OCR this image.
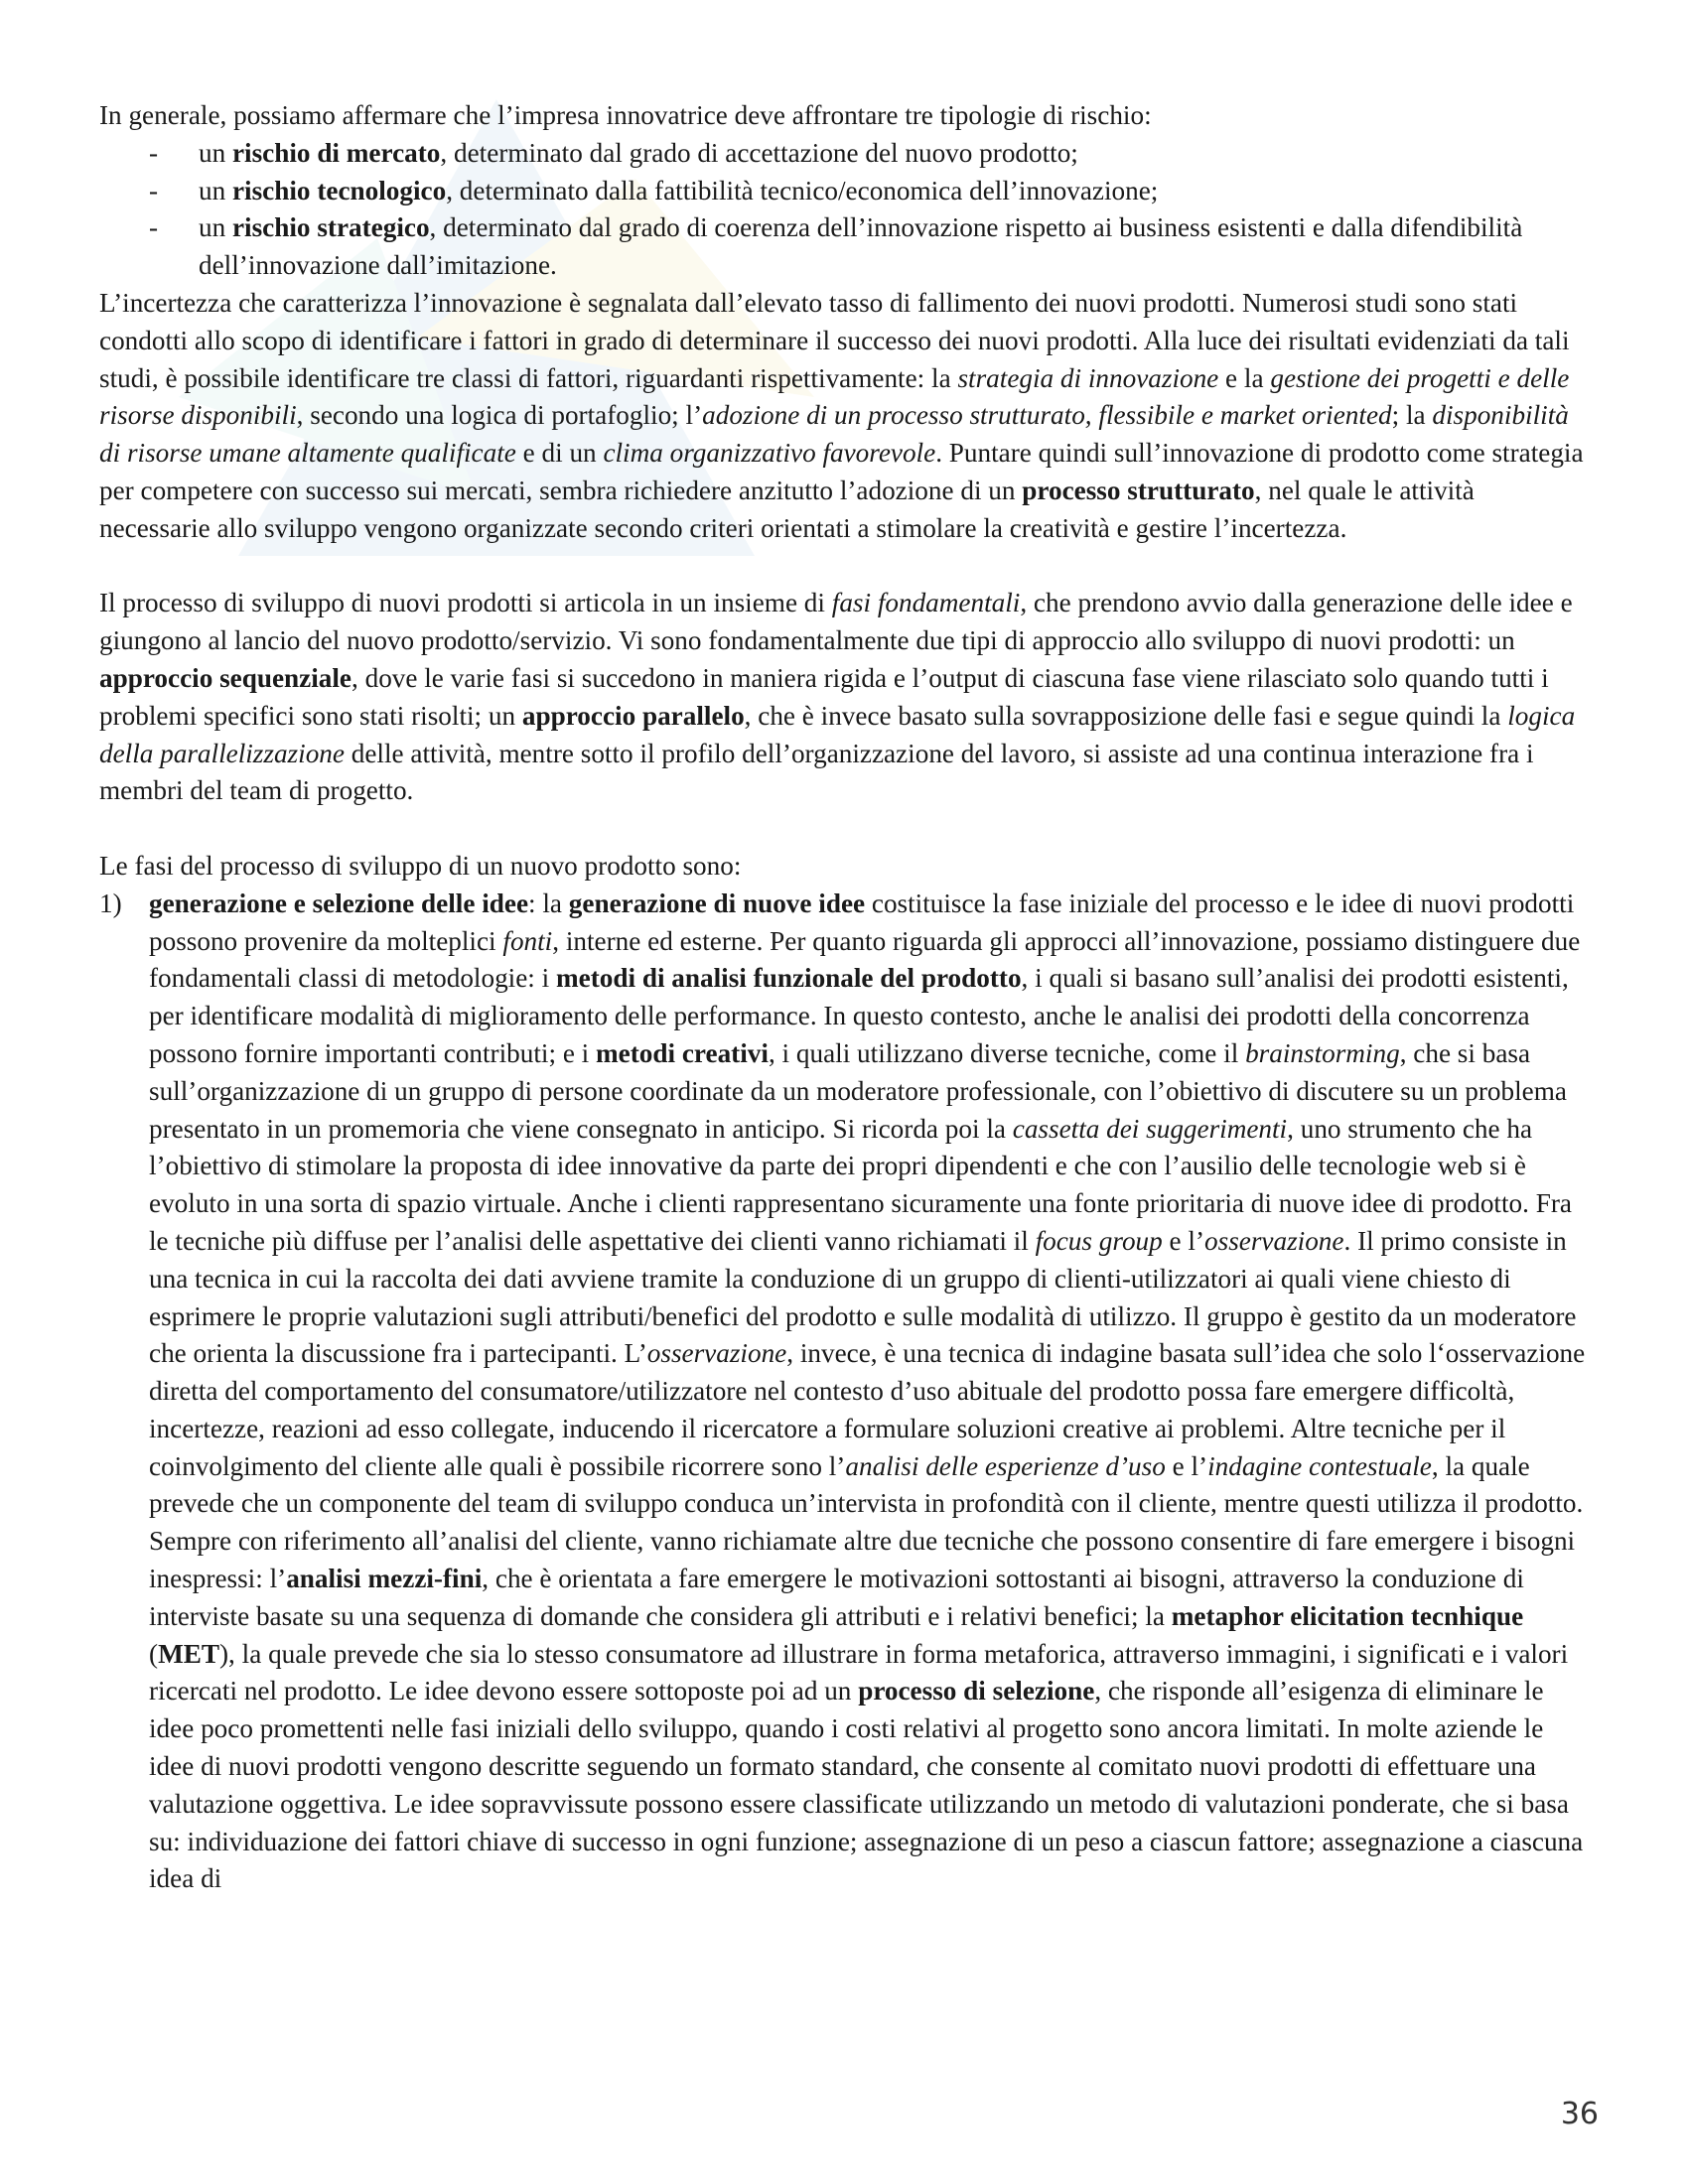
In generale, possiamo affermare che l’impresa innovatrice deve affrontare tre tipologie di rischio:

- un rischio di mercato, determinato dal grado di accettazione del nuovo prodotto;
- un rischio tecnologico, determinato dalla fattibilità tecnico/economica dell’innovazione;
- un rischio strategico, determinato dal grado di coerenza dell’innovazione rispetto ai business esistenti e dalla difendibilità dell’innovazione dall’imitazione.

L’incertezza che caratterizza l’innovazione è segnalata dall’elevato tasso di fallimento dei nuovi prodotti. Numerosi studi sono stati condotti allo scopo di identificare i fattori in grado di determinare il successo dei nuovi prodotti. Alla luce dei risultati evidenziati da tali studi, è possibile identificare tre classi di fattori, riguardanti rispettivamente: la strategia di innovazione e la gestione dei progetti e delle risorse disponibili, secondo una logica di portafoglio; l’adozione di un processo strutturato, flessibile e market oriented; la disponibilità di risorse umane altamente qualificate e di un clima organizzativo favorevole. Puntare quindi sull’innovazione di prodotto come strategia per competere con successo sui mercati, sembra richiedere anzitutto l’adozione di un processo strutturato, nel quale le attività necessarie allo sviluppo vengono organizzate secondo criteri orientati a stimolare la creatività e gestire l’incertezza.

Il processo di sviluppo di nuovi prodotti si articola in un insieme di fasi fondamentali, che prendono avvio dalla generazione delle idee e giungono al lancio del nuovo prodotto/servizio. Vi sono fondamentalmente due tipi di approccio allo sviluppo di nuovi prodotti: un approccio sequenziale, dove le varie fasi si succedono in maniera rigida e l’output di ciascuna fase viene rilasciato solo quando tutti i problemi specifici sono stati risolti; un approccio parallelo, che è invece basato sulla sovrapposizione delle fasi e segue quindi la logica della parallelizzazione delle attività, mentre sotto il profilo dell’organizzazione del lavoro, si assiste ad una continua interazione fra i membri del team di progetto.

Le fasi del processo di sviluppo di un nuovo prodotto sono:

1) generazione e selezione delle idee: la generazione di nuove idee costituisce la fase iniziale del processo e le idee di nuovi prodotti possono provenire da molteplici fonti, interne ed esterne. Per quanto riguarda gli approcci all’innovazione, possiamo distinguere due fondamentali classi di metodologie: i metodi di analisi funzionale del prodotto, i quali si basano sull’analisi dei prodotti esistenti, per identificare modalità di miglioramento delle performance. In questo contesto, anche le analisi dei prodotti della concorrenza possono fornire importanti contributi; e i metodi creativi, i quali utilizzano diverse tecniche, come il brainstorming, che si basa sull’organizzazione di un gruppo di persone coordinate da un moderatore professionale, con l’obiettivo di discutere su un problema presentato in un promemoria che viene consegnato in anticipo. Si ricorda poi la cassetta dei suggerimenti, uno strumento che ha l’obiettivo di stimolare la proposta di idee innovative da parte dei propri dipendenti e che con l’ausilio delle tecnologie web si è evoluto in una sorta di spazio virtuale. Anche i clienti rappresentano sicuramente una fonte prioritaria di nuove idee di prodotto. Fra le tecniche più diffuse per l’analisi delle aspettative dei clienti vanno richiamati il focus group e l’osservazione. Il primo consiste in una tecnica in cui la raccolta dei dati avviene tramite la conduzione di un gruppo di clienti-utilizzatori ai quali viene chiesto di esprimere le proprie valutazioni sugli attributi/benefici del prodotto e sulle modalità di utilizzo. Il gruppo è gestito da un moderatore che orienta la discussione fra i partecipanti. L’osservazione, invece, è una tecnica di indagine basata sull’idea che solo l‘osservazione diretta del comportamento del consumatore/utilizzatore nel contesto d’uso abituale del prodotto possa fare emergere difficoltà, incertezze, reazioni ad esso collegate, inducendo il ricercatore a formulare soluzioni creative ai problemi. Altre tecniche per il coinvolgimento del cliente alle quali è possibile ricorrere sono l’analisi delle esperienze d’uso e l’indagine contestuale, la quale prevede che un componente del team di sviluppo conduca un’intervista in profondità con il cliente, mentre questi utilizza il prodotto. Sempre con riferimento all’analisi del cliente, vanno richiamate altre due tecniche che possono consentire di fare emergere i bisogni inespressi: l’analisi mezzi-fini, che è orientata a fare emergere le motivazioni sottostanti ai bisogni, attraverso la conduzione di interviste basate su una sequenza di domande che considera gli attributi e i relativi benefici; la metaphor elicitation tecnhique (MET), la quale prevede che sia lo stesso consumatore ad illustrare in forma metaforica, attraverso immagini, i significati e i valori ricercati nel prodotto. Le idee devono essere sottoposte poi ad un processo di selezione, che risponde all’esigenza di eliminare le idee poco promettenti nelle fasi iniziali dello sviluppo, quando i costi relativi al progetto sono ancora limitati. In molte aziende le idee di nuovi prodotti vengono descritte seguendo un formato standard, che consente al comitato nuovi prodotti di effettuare una valutazione oggettiva. Le idee sopravvissute possono essere classificate utilizzando un metodo di valutazioni ponderate, che si basa su: individuazione dei fattori chiave di successo in ogni funzione; assegnazione di un peso a ciascun fattore; assegnazione a ciascuna idea di
36
